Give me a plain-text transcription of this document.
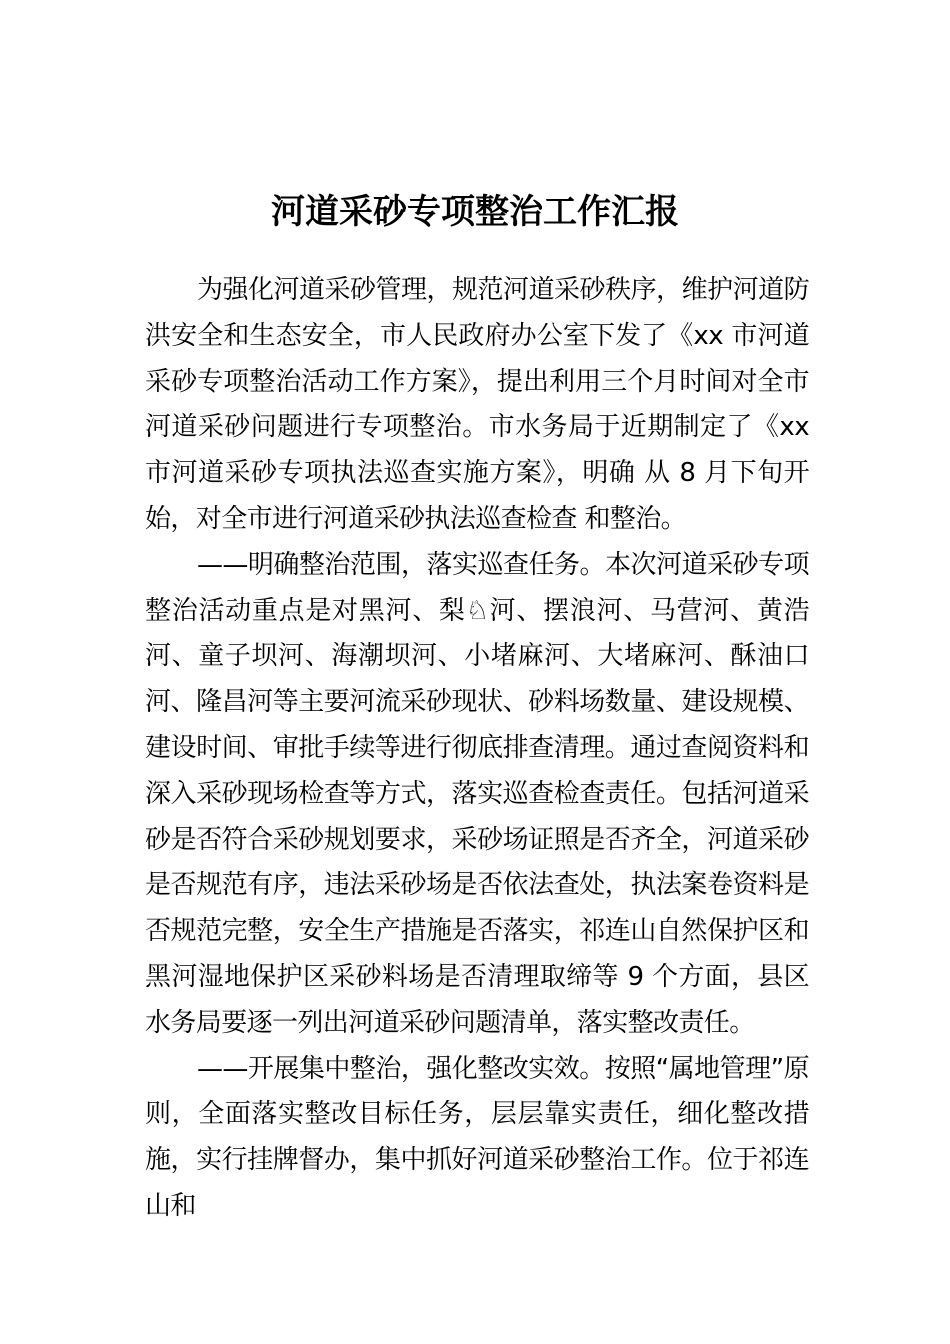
河道采砂专项整治工作汇报

为强化河道采砂管理，规范河道采砂秩序，维护河道防洪安全和生态安全，市人民政府办公室下发了《xx 市河道采砂专项整治活动工作方案》，提出利用三个月时间对全市河道采砂问题进行专项整治。市水务局于近期制定了《xx 市河道采砂专项执法巡查实施方案》，明确 从 8 月下旬开始，对全市进行河道采砂执法巡查检查 和整治。

——明确整治范围，落实巡查任务。本次河道采砂专项整治活动重点是对黑河、梨♘河、摆浪河、马营河、黄浩河、童子坝河、海潮坝河、小堵麻河、大堵麻河、酥油口河、隆昌河等主要河流采砂现状、砂料场数量、建设规模、建设时间、审批手续等进行彻底排查清理。通过查阅资料和深入采砂现场检查等方式，落实巡查检查责任。包括河道采砂是否符合采砂规划要求，采砂场证照是否齐全，河道采砂是否规范有序，违法采砂场是否依法查处，执法案卷资料是否规范完整，安全生产措施是否落实，祁连山自然保护区和黑河湿地保护区采砂料场是否清理取缔等 9 个方面，县区水务局要逐一列出河道采砂问题清单，落实整改责任。

——开展集中整治，强化整改实效。按照“属地管理”原则，全面落实整改目标任务，层层靠实责任，细化整改措施，实行挂牌督办，集中抓好河道采砂整治工作。位于祁连山和
